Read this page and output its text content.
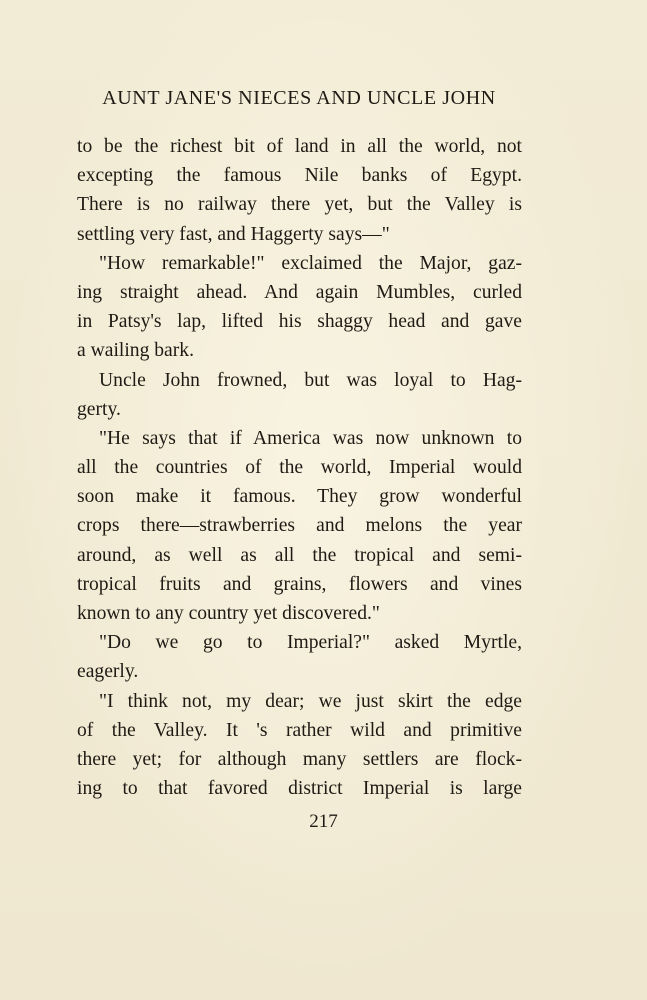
AUNT JANE'S NIECES AND UNCLE JOHN
to be the richest bit of land in all the world, not
excepting the famous Nile banks of Egypt.
There is no railway there yet, but the Valley is
settling very fast, and Haggerty says—"
"How remarkable!" exclaimed the Major, gaz-
ing straight ahead. And again Mumbles, curled
in Patsy's lap, lifted his shaggy head and gave
a wailing bark.
Uncle John frowned, but was loyal to Hag-
gerty.
"He says that if America was now unknown to
all the countries of the world, Imperial would
soon make it famous. They grow wonderful
crops there—strawberries and melons the year
around, as well as all the tropical and semi-
tropical fruits and grains, flowers and vines
known to any country yet discovered."
"Do we go to Imperial?" asked Myrtle,
eagerly.
"I think not, my dear; we just skirt the edge
of the Valley. It 's rather wild and primitive
there yet; for although many settlers are flock-
ing to that favored district Imperial is large
217
